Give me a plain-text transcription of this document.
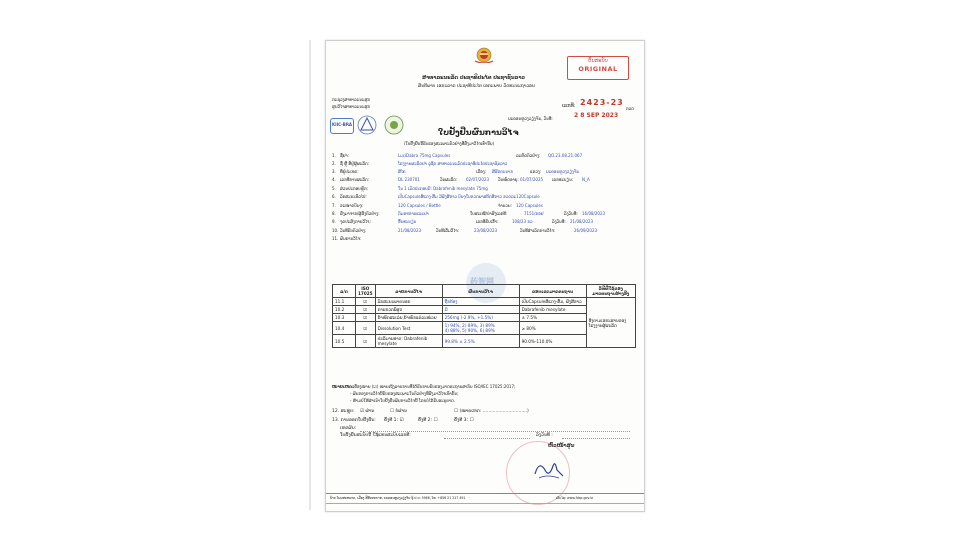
ຕົ້ນສະບັບ
ORIGINAL
ສາທາລະນະລັດ ປະຊາທິປະໄຕ ປະຊາຊົນລາວ
ສັນຕິພາບ ເອກະລາດ ປະຊາທິປະໄຕ ເອກະພາບ ວັດທະນະຖາວອນ
ກະຊວງສາທາລະນະສຸກ
ສູນວິໄຈສາທາລະນະສຸກ	ເລກທີ: 2423-23
ກວດ
ນະຄອນຫຼວງວຽງຈັນ, ວັນທີ:	2 8 SEP 2023
KIIC-BRA
ໃບຢັ້ງຢືນຜົນການວິໄຈ
(ໃບຢັ້ງຢືນນີ້ຮັບຮອງສະເພາະຕົວຢ່າງທີ່ສົ່ງມາວິໄຈເທົ່ານັ້ນ)
药智网
ລ/ດ	ISO 17025	ລາຍການວິໄຈ	ຜົນການວິໄຈ	ຂອບເຂດມາດຕະຖານ	ວິທີທີ່ໃຊ້ຂອງມາດຕະຖານອ້າງອີງ
11.1	☑	ລັກສະນະພາຍນອກ	ຖືກຕ້ອງ	ເປັນCapsuleສີແດງ-ສົ້ມ, ຜົງສີຂາວ	ອີງຕາມເອກະສານຂອງ ໂຮງງານຜູ້ຜະລິດ
10.2	☑	ການກວດພິສູດ	ມີ	Dabrafenib mesylate	
10.3	☑	ນ້ຳໜັກສະເລ່ຍ,ນ້ຳໜັກແຕ່ລະໜ່ວຍ	256mg (-2.9%, +1.5%)	± 7.5%	
10.4	☑	Dissolution Test	1) 94%, 2) 89%, 3) 89%
4) 88%, 5) 90%, 6) 89%	≥ 80%	
10.5	☑	ປະລິມານທາດ: Dabrafenib mesylate	99.8% ± 2.5%	90.0%-110.0%	
ໝາຍເຫດ:
- ເຄື່ອງໝາຍ (☑) ໝາຍເຖິງລາຍການທີ່ໄດ້ຮັບການຮັບຮອງມາດຕະຖານສາກົນ ISO/IEC 17025:2017;
- ຜົນຂອງການວິໄຈນີ້ຮັບຮອງສະເພາະໃນຕົວຢ່າງທີ່ສົ່ງມາວິໄຈເທົ່ານັ້ນ;
- ຫ້າມບໍ່ໃຫ້ສຳເນົາໃບຢັ້ງຢືນຜົນການວິໄຈນີ້ ໂດຍບໍ່ໄດ້ຮັບອະນຸຍາດ.
12. ສະຫຼຸບ: ☑ ຜ່ານ	☐ ບໍ່ຜ່ານ	☐ (ໝາຍເຫດ: ...............................)
13. ການອອກໃບຢັ້ງຢືນ: ຄັ້ງທີ 1: ☑	ຄັ້ງທີ 2: ☐	ຄັ້ງທີ 3: ☐
ເຫດຜົນ:
ໃບຢັ້ງຢືນສະບັບນີ້ ໃຊ້ແທນສະບັບເລກທີ:	ລົງວັນທີ :
ຫົວໜ້າສູນ
ບ້ານ ໂພນສະຫວາດ, ເມືອງ ສີສັດຕະນາກ, ນະຄອນຫຼວງວຽງຈັນ ຕູ້ ປ.ນ: 5966, ໂທ: +856 21 217 491	ເວັບໄຊ: www.fdqc.gov.la
1. ຊື່ຢາ:	LuciDabra 75mg Capsules	ລະຫັດຕົວຢ່າງ: QO.23.08.21.067
2. ຊື່ ຫຼື ທີ່ຢູ່ຜູ້ຜະລິດ:	ໂຮງງານຜະລິດຢາ ລູຊີດ ສາທາລະນະລັດປະຊາທິປະໄຕປະຊາຊົນລາວ
3. ທີ່ຢູ່ປະເທດ:	ສີໄຄ	ເມືອງ: ສີສັດຕະນາກ	ແຂວງ: ນະຄອນຫຼວງວຽງຈັນ
4. ເລກທີການຜະລິດ:	DL 230701	ວັນຜະລິດ: 02/07/2023 ວັນໝົດອາຍຸ: 01/07/2025 ເລກທະບຽນ: N_A
5. ສ່ວນປະກອບຫຼັກ:	ໃນ 1 ເມັດປະກອບມີ: Dabrafenib mesylate 75mg
6. ລັກສະນະທົ່ວໄປ:	ເປັນCapsuleສີແດງ-ສົ້ມ ມີຜົງສີຂາວ ບັນຈຸໃນຂວດພາສຕິກສີຂາວ ຂວດລະ120Capsule
7. ຂະໜາດບັນຈຸ:	120 Capsules / Bottle	ຈຳນວນ: 120 Capsules
8. ສົ່ງມາຈາກ/ຜູ້ສົ່ງຕົວຢ່າງ:	ກົມອາຫານແລະຢາ	ໃບສະເໜີ/ນຳສົ່ງເລກທີ:	7151/ກອຢ	ລົງວັນທີ: 16/08/2023
9. ຈຸດປະສົງການວິໄຈ:	ຂຶ້ນທະບຽນ	ເລກທີຮັບເຂົ້າ:	108/23 ກວ	ລົງວັນທີ: 21/08/2023
10. ວັນທີຮັບຕົວຢ່າງ:	21/08/2023	ວັນທີເລີ່ມວິໄຈ:	23/08/2023	ວັນທີສຳເລັດການວິໄຈ:	26/09/2023
11. ຜົນການວິໄຈ:
